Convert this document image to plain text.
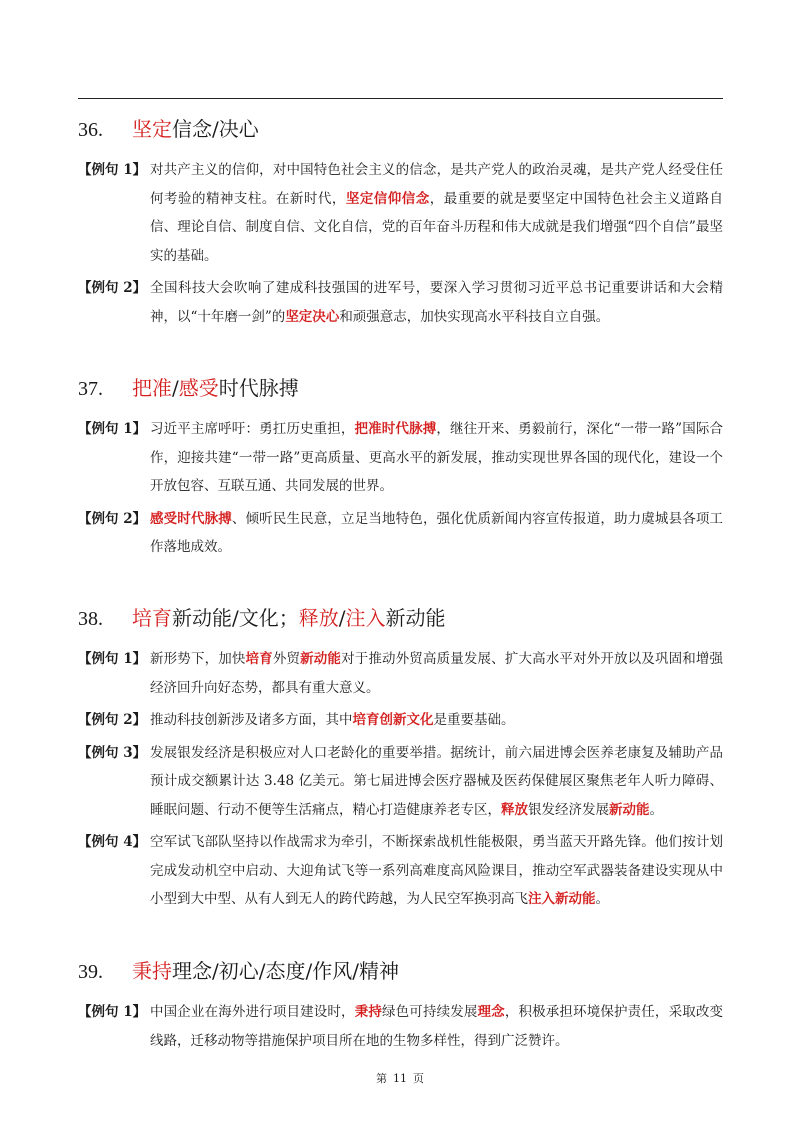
36. 坚定信念/决心

【例句 1】 对共产主义的信仰，对中国特色社会主义的信念，是共产党人的政治灵魂，是共产党人经受住任何考验的精神支柱。在新时代，坚定信仰信念，最重要的就是要坚定中国特色社会主义道路自信、理论自信、制度自信、文化自信，党的百年奋斗历程和伟大成就是我们增强“四个自信”最坚实的基础。

【例句 2】 全国科技大会吹响了建成科技强国的进军号，要深入学习贯彻习近平总书记重要讲话和大会精神，以“十年磨一剑”的坚定决心和顽强意志，加快实现高水平科技自立自强。

37. 把准/感受时代脉搏

【例句 1】 习近平主席呼吁：勇扛历史重担，把准时代脉搏，继往开来、勇毅前行，深化“一带一路”国际合作，迎接共建“一带一路”更高质量、更高水平的新发展，推动实现世界各国的现代化，建设一个开放包容、互联互通、共同发展的世界。

【例句 2】 感受时代脉搏、倾听民生民意，立足当地特色，强化优质新闻内容宣传报道，助力虞城县各项工作落地成效。

38. 培育新动能/文化；释放/注入新动能

【例句 1】 新形势下，加快培育外贸新动能对于推动外贸高质量发展、扩大高水平对外开放以及巩固和增强经济回升向好态势，都具有重大意义。

【例句 2】 推动科技创新涉及诸多方面，其中培育创新文化是重要基础。

【例句 3】 发展银发经济是积极应对人口老龄化的重要举措。据统计，前六届进博会医养老康复及辅助产品预计成交额累计达 3.48 亿美元。第七届进博会医疗器械及医药保健展区聚焦老年人听力障碍、睡眠问题、行动不便等生活痛点，精心打造健康养老专区，释放银发经济发展新动能。

【例句 4】 空军试飞部队坚持以作战需求为牵引，不断探索战机性能极限，勇当蓝天开路先锋。他们按计划完成发动机空中启动、大迎角试飞等一系列高难度高风险课目，推动空军武器装备建设实现从中小型到大中型、从有人到无人的跨代跨越，为人民空军换羽高飞注入新动能。

39. 秉持理念/初心/态度/作风/精神

【例句 1】 中国企业在海外进行项目建设时，秉持绿色可持续发展理念，积极承担环境保护责任，采取改变线路，迁移动物等措施保护项目所在地的生物多样性，得到广泛赞许。

第 11 页
